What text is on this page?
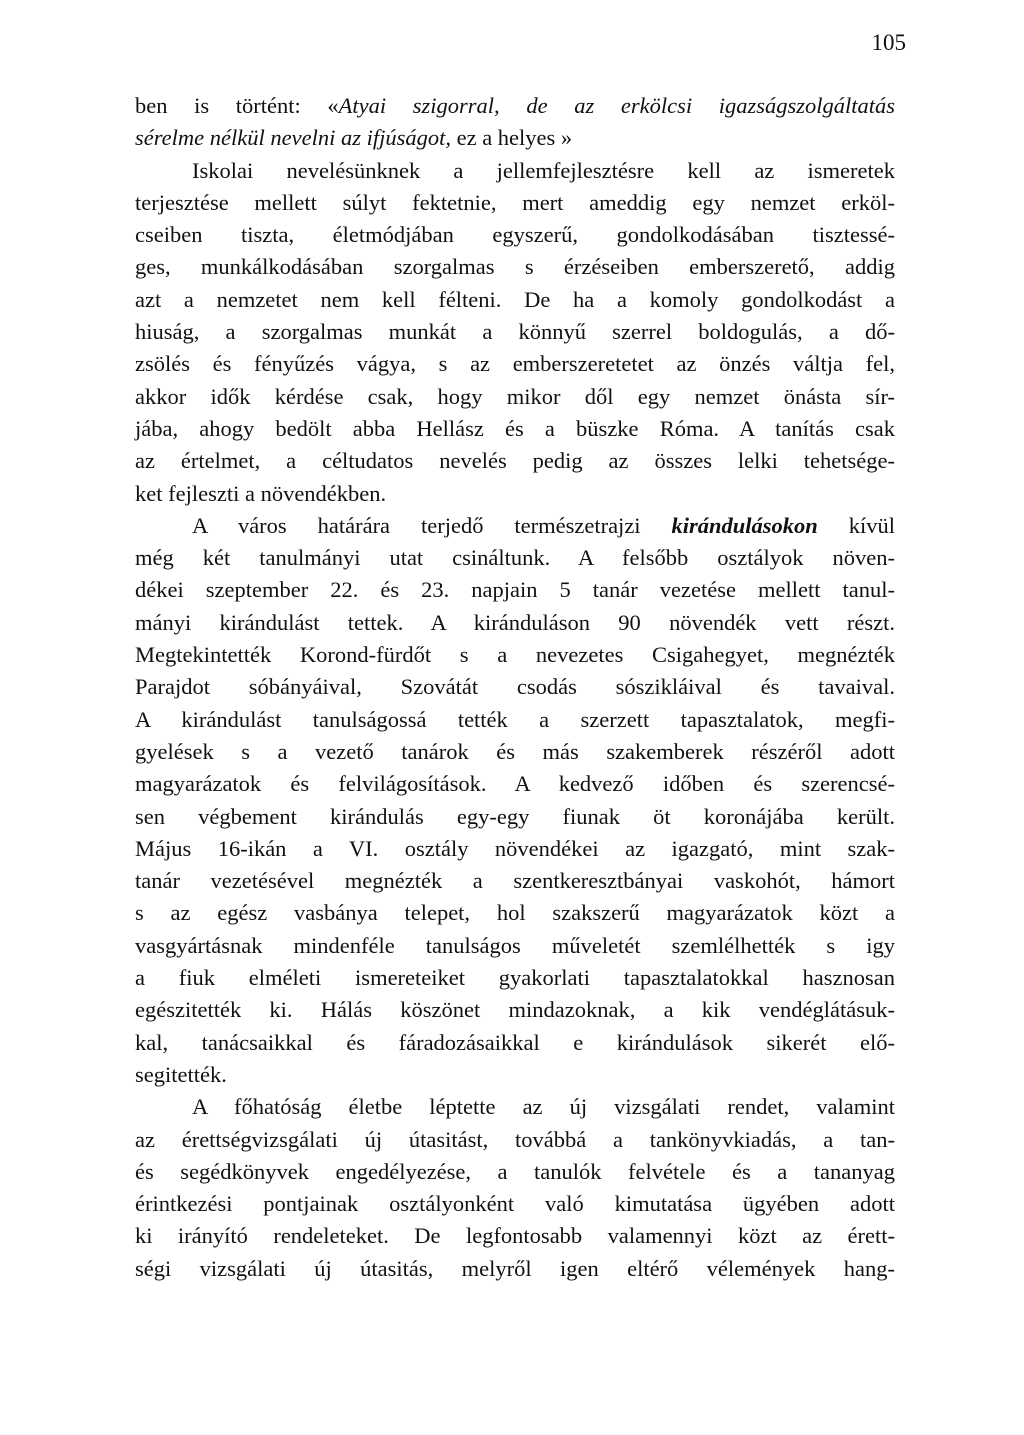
105
ben is történt: «Atyai szigorral, de az erkölcsi igazságszolgáltatás
sérelme nélkül nevelni az ifjúságot, ez a helyes »
Iskolai nevelésünknek a jellemfejlesztésre kell az ismeretek
terjesztése mellett súlyt fektetnie, mert ameddig egy nemzet erköl-
cseiben tiszta, életmódjában egyszerű, gondolkodásában tisztessé-
ges, munkálkodásában szorgalmas s érzéseiben emberszerető, addig
azt a nemzetet nem kell félteni. De ha a komoly gondolkodást a
hiuság, a szorgalmas munkát a könnyű szerrel boldogulás, a dő-
zsölés és fényűzés vágya, s az emberszeretetet az önzés váltja fel,
akkor idők kérdése csak, hogy mikor dől egy nemzet önásta sír-
jába, ahogy bedölt abba Hellász és a büszke Róma. A tanítás csak
az értelmet, a céltudatos nevelés pedig az összes lelki tehetsége-
ket fejleszti a növendékben.
A város határára terjedő természetrajzi kirándulásokon kívül
még két tanulmányi utat csináltunk. A felsőbb osztályok növen-
dékei szeptember 22. és 23. napjain 5 tanár vezetése mellett tanul-
mányi kirándulást tettek. A kiránduláson 90 növendék vett részt.
Megtekintették Korond-fürdőt s a nevezetes Csigahegyet, megnézték
Parajdot sóbányáival, Szovátát csodás sószikláival és tavaival.
A kirándulást tanulságossá tették a szerzett tapasztalatok, megfi-
gyelések s a vezető tanárok és más szakemberek részéről adott
magyarázatok és felvilágosítások. A kedvező időben és szerencsé-
sen végbement kirándulás egy-egy fiunak öt koronájába került.
Május 16-ikán a VI. osztály növendékei az igazgató, mint szak-
tanár vezetésével megnézték a szentkeresztbányai vaskohót, hámort
s az egész vasbánya telepet, hol szakszerű magyarázatok közt a
vasgyártásnak mindenféle tanulságos műveletét szemlélhették s igy
a fiuk elméleti ismereteiket gyakorlati tapasztalatokkal hasznosan
egészitették ki. Hálás köszönet mindazoknak, a kik vendéglátásuk-
kal, tanácsaikkal és fáradozásaikkal e kirándulások sikerét elő-
segitették.
A főhatóság életbe léptette az új vizsgálati rendet, valamint
az érettségvizsgálati új útasitást, továbbá a tankönyvkiadás, a tan-
és segédkönyvek engedélyezése, a tanulók felvétele és a tananyag
érintkezési pontjainak osztályonként való kimutatása ügyében adott
ki irányító rendeleteket. De legfontosabb valamennyi közt az érett-
ségi vizsgálati új útasitás, melyről igen eltérő vélemények hang-
